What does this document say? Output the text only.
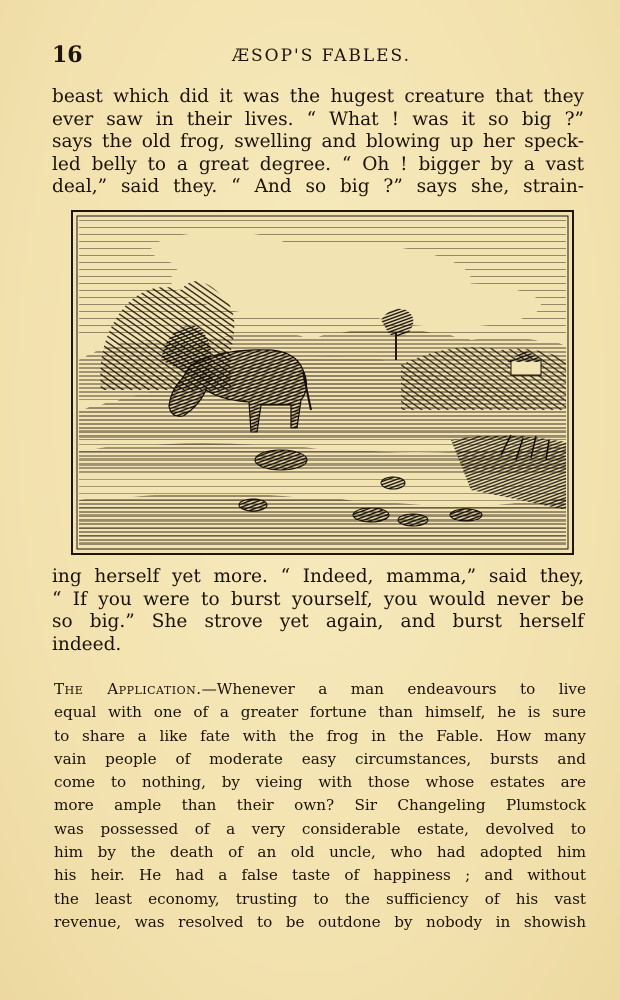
16	ÆSOP'S FABLES.
beast which did it was the hugest creature that they
ever saw in their lives. “ What ! was it so big ?”
says the old frog, swelling and blowing up her speck-
led belly to a great degree. “ Oh ! bigger by a vast
deal,” said they. “ And so big ?” says she, strain-
ing herself yet more. “ Indeed, mamma,” said they,
“ If you were to burst yourself, you would never be
so big.” She strove yet again, and burst herself
indeed.
The Application.—Whenever a man endeavours to live
equal with one of a greater fortune than himself, he is sure
to share a like fate with the frog in the Fable. How many
vain people of moderate easy circumstances, bursts and
come to nothing, by vieing with those whose estates are
more ample than their own? Sir Changeling Plumstock
was possessed of a very considerable estate, devolved to
him by the death of an old uncle, who had adopted him
his heir. He had a false taste of happiness ; and without
the least economy, trusting to the sufficiency of his vast
revenue, was resolved to be outdone by nobody in showish
